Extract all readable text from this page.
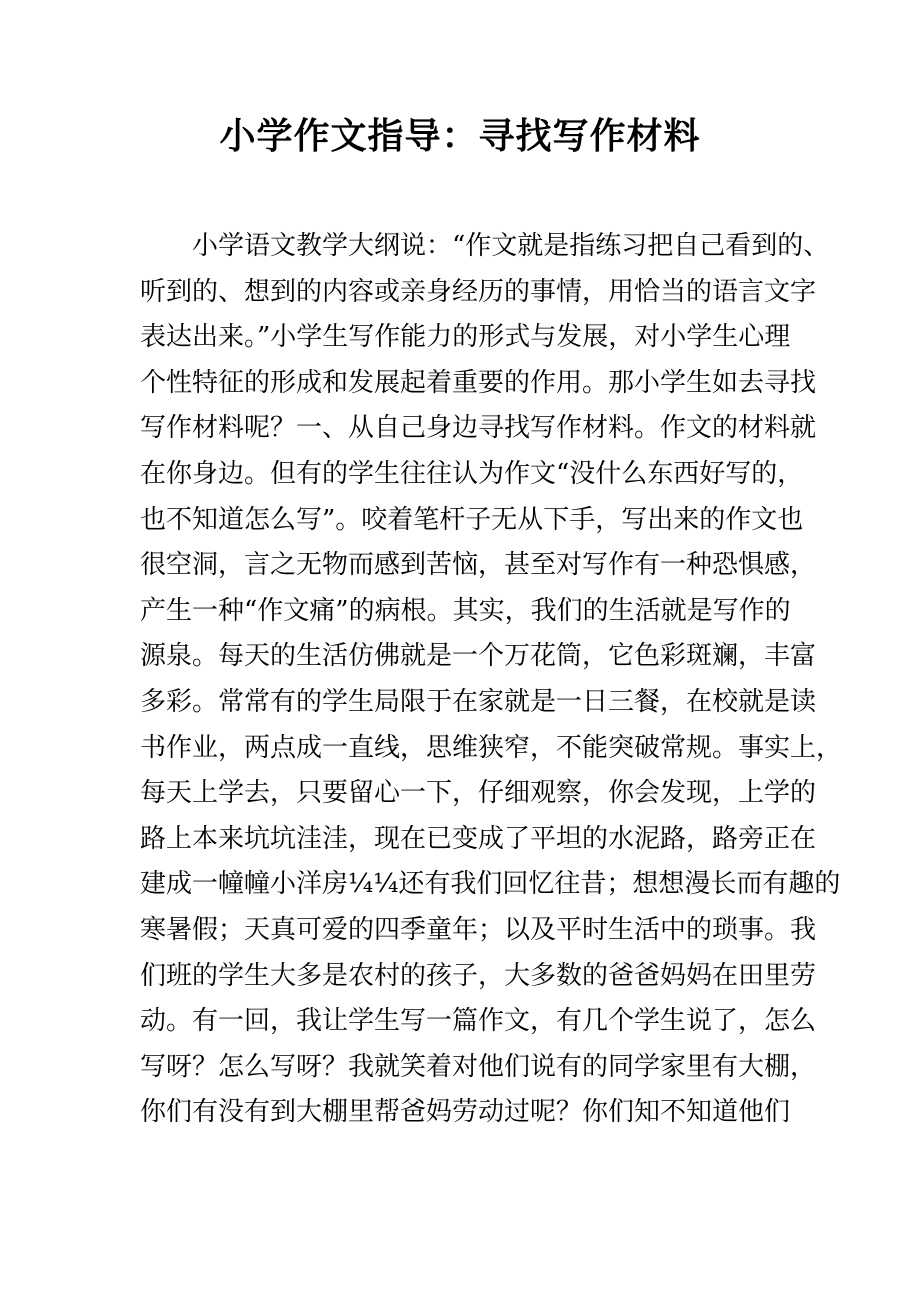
小学作文指导：寻找写作材料
小学语文教学大纲说：“作文就是指练习把自己看到的、
听到的、想到的内容或亲身经历的事情，用恰当的语言文字
表达出来。”小学生写作能力的形式与发展，对小学生心理
个性特征的形成和发展起着重要的作用。那小学生如去寻找
写作材料呢？一、从自己身边寻找写作材料。作文的材料就
在你身边。但有的学生往往认为作文“没什么东西好写的，
也不知道怎么写”。咬着笔杆子无从下手，写出来的作文也
很空洞，言之无物而感到苦恼，甚至对写作有一种恐惧感，
产生一种“作文痛”的病根。其实，我们的生活就是写作的
源泉。每天的生活仿佛就是一个万花筒，它色彩斑斓，丰富
多彩。常常有的学生局限于在家就是一日三餐，在校就是读
书作业，两点成一直线，思维狭窄，不能突破常规。事实上，
每天上学去，只要留心一下，仔细观察，你会发现，上学的
路上本来坑坑洼洼，现在已变成了平坦的水泥路，路旁正在
建成一幢幢小洋房¼¼还有我们回忆往昔；想想漫长而有趣的
寒暑假；天真可爱的四季童年；以及平时生活中的琐事。我
们班的学生大多是农村的孩子，大多数的爸爸妈妈在田里劳
动。有一回，我让学生写一篇作文，有几个学生说了，怎么
写呀？怎么写呀？我就笑着对他们说有的同学家里有大棚，
你们有没有到大棚里帮爸妈劳动过呢？你们知不知道他们
